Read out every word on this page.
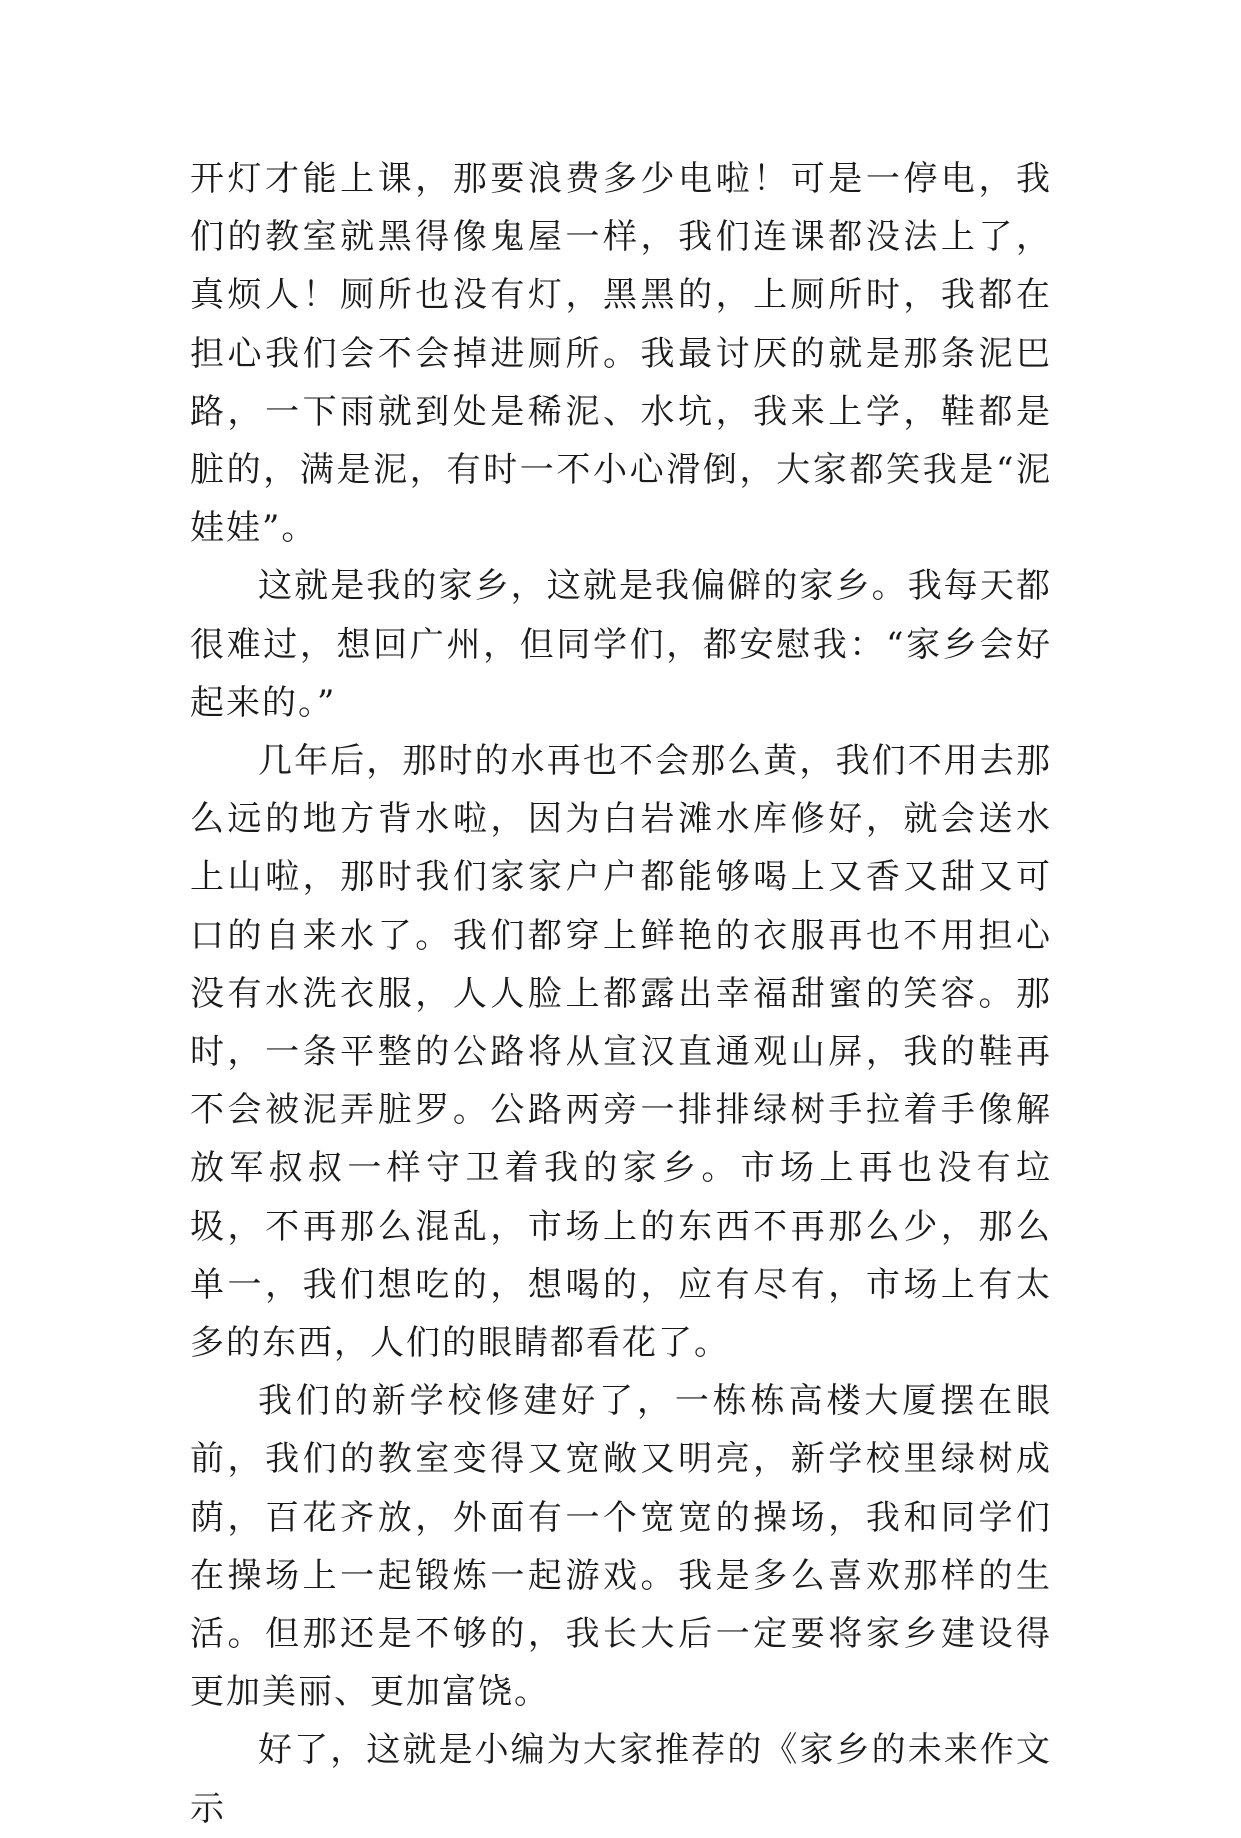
开灯才能上课，那要浪费多少电啦！可是一停电，我们的教室就黑得像鬼屋一样，我们连课都没法上了，真烦人！厕所也没有灯，黑黑的，上厕所时，我都在担心我们会不会掉进厕所。我最讨厌的就是那条泥巴路，一下雨就到处是稀泥、水坑，我来上学，鞋都是脏的，满是泥，有时一不小心滑倒，大家都笑我是“泥娃娃”。

这就是我的家乡，这就是我偏僻的家乡。我每天都很难过，想回广州，但同学们，都安慰我：“家乡会好起来的。”

几年后，那时的水再也不会那么黄，我们不用去那么远的地方背水啦，因为白岩滩水库修好，就会送水上山啦，那时我们家家户户都能够喝上又香又甜又可口的自来水了。我们都穿上鲜艳的衣服再也不用担心没有水洗衣服，人人脸上都露出幸福甜蜜的笑容。那时，一条平整的公路将从宣汉直通观山屏，我的鞋再不会被泥弄脏罗。公路两旁一排排绿树手拉着手像解放军叔叔一样守卫着我的家乡。市场上再也没有垃圾，不再那么混乱，市场上的东西不再那么少，那么单一，我们想吃的，想喝的，应有尽有，市场上有太多的东西，人们的眼睛都看花了。

我们的新学校修建好了，一栋栋高楼大厦摆在眼前，我们的教室变得又宽敞又明亮，新学校里绿树成荫，百花齐放，外面有一个宽宽的操场，我和同学们在操场上一起锻炼一起游戏。我是多么喜欢那样的生活。但那还是不够的，我长大后一定要将家乡建设得更加美丽、更加富饶。

好了，这就是小编为大家推荐的《家乡的未来作文示
